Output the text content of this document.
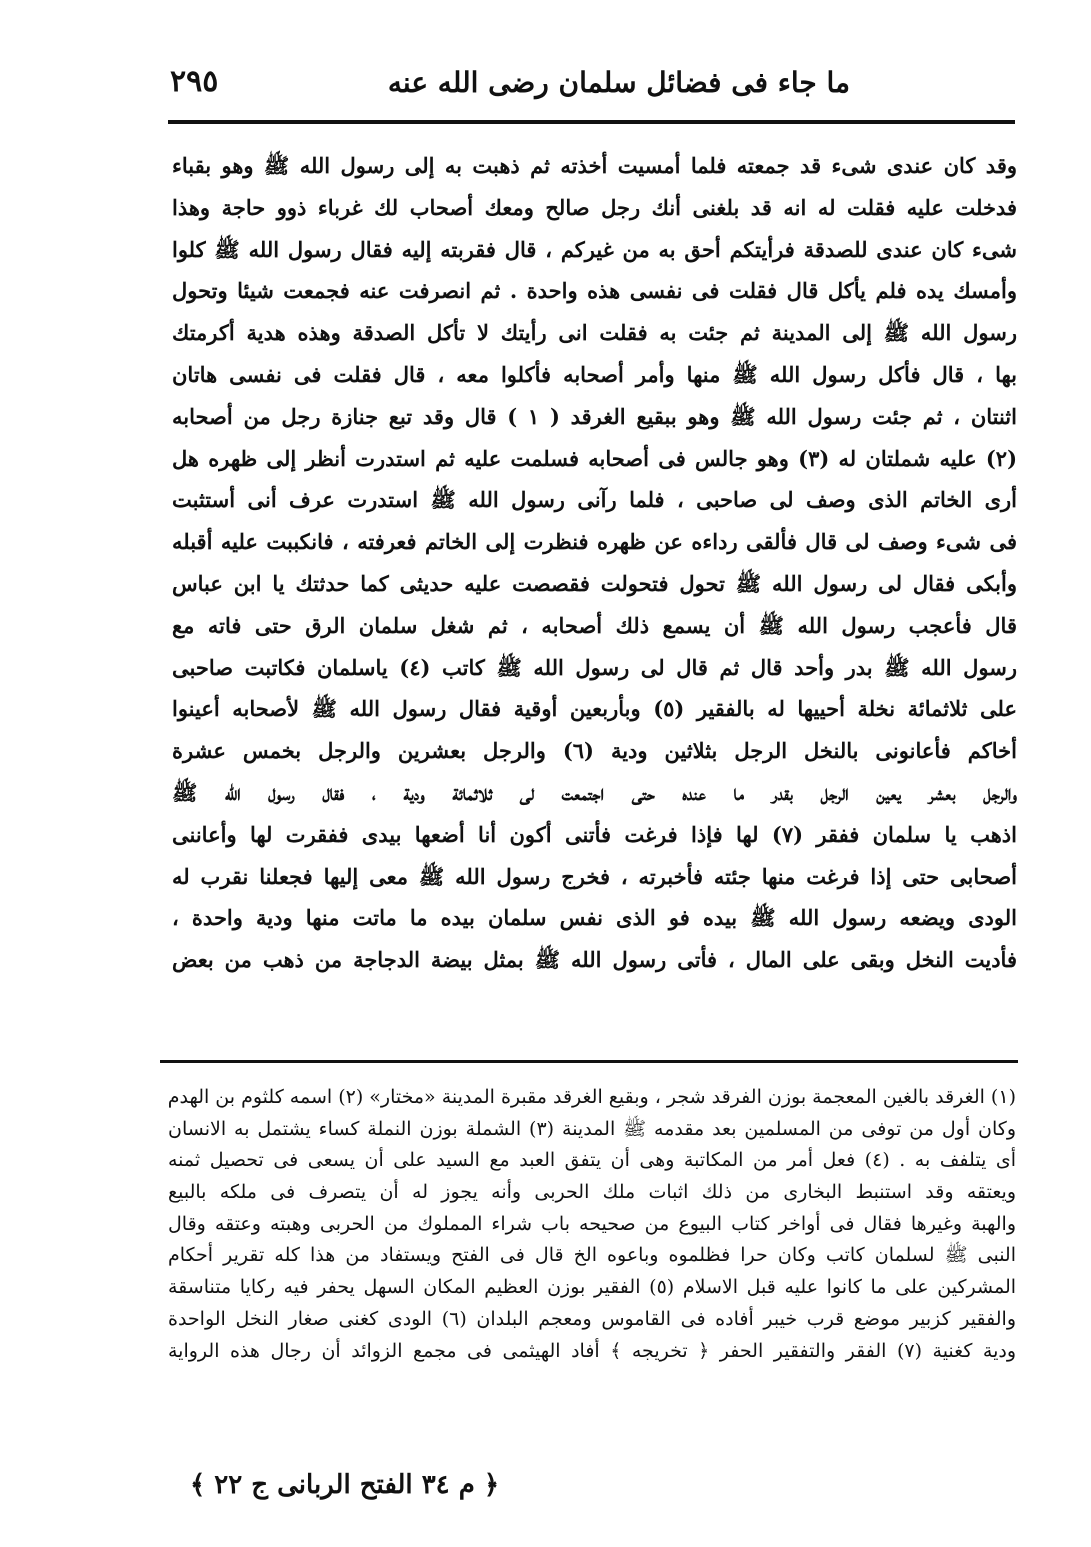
٢٩٥	ما جاء فى فضائل سلمان رضى الله عنه
وقد كان عندى شىء قد جمعته فلما أمسيت أخذته ثم ذهبت به إلى رسول الله ﷺ وهو بقباء
فدخلت عليه فقلت له انه قد بلغنى أنك رجل صالح ومعك أصحاب لك غرباء ذوو حاجة وهذا
شىء كان عندى للصدقة فرأيتكم أحق به من غيركم ، قال فقربته إليه فقال رسول الله ﷺ كلوا
وأمسك يده فلم يأكل قال فقلت فى نفسى هذه واحدة . ثم انصرفت عنه فجمعت شيئا وتحول
رسول الله ﷺ إلى المدينة ثم جئت به فقلت انى رأيتك لا تأكل الصدقة وهذه هدية أكرمتك
بها ، قال فأكل رسول الله ﷺ منها وأمر أصحابه فأكلوا معه ، قال فقلت فى نفسى هاتان
اثنتان ، ثم جئت رسول الله ﷺ وهو ببقيع الغرقد ( ١ ) قال وقد تبع جنازة رجل من أصحابه
(٢) عليه شملتان له (٣) وهو جالس فى أصحابه فسلمت عليه ثم استدرت أنظر إلى ظهره هل
أرى الخاتم الذى وصف لى صاحبى ، فلما رآنى رسول الله ﷺ استدرت عرف أنى أستثبت
فى شىء وصف لى قال فألقى رداءه عن ظهره فنظرت إلى الخاتم فعرفته ، فانكببت عليه أقبله
وأبكى فقال لى رسول الله ﷺ تحول فتحولت فقصصت عليه حديثى كما حدثتك يا ابن عباس
قال فأعجب رسول الله ﷺ أن يسمع ذلك أصحابه ، ثم شغل سلمان الرق حتى فاته مع
رسول الله ﷺ بدر وأحد قال ثم قال لى رسول الله ﷺ كاتب (٤) ياسلمان فكاتبت صاحبى
على ثلاثمائة نخلة أحييها له بالفقير (٥) وبأربعين أوقية فقال رسول الله ﷺ لأصحابه أعينوا
أخاكم فأعانونى بالنخل الرجل بثلاثين ودية (٦) والرجل بعشرين والرجل بخمس عشرة
والرجل بعشر يعين الرجل بقدر ما عنده حتى اجتمعت لى ثلاثمائة ودية ، فقال رسول الله ﷺ
اذهب يا سلمان ففقر (٧) لها فإذا فرغت فأتنى أكون أنا أضعها بيدى ففقرت لها وأعاننى
أصحابى حتى إذا فرغت منها جئته فأخبرته ، فخرج رسول الله ﷺ معى إليها فجعلنا نقرب له
الودى ويضعه رسول الله ﷺ بيده فو الذى نفس سلمان بيده ما ماتت منها ودية واحدة ،
فأديت النخل وبقى على المال ، فأتى رسول الله ﷺ بمثل بيضة الدجاجة من ذهب من بعض
(١) الغرقد بالغين المعجمة بوزن الفرقد شجر ، وبقيع الغرقد مقبرة المدينة «مختار» (٢) اسمه كلثوم بن الهدم
وكان أول من توفى من المسلمين بعد مقدمه ﷺ المدينة (٣) الشملة بوزن النملة كساء يشتمل به الانسان
أى يتلفف به . (٤) فعل أمر من المكاتبة وهى أن يتفق العبد مع السيد على أن يسعى فى تحصيل ثمنه
ويعتقه وقد استنبط البخارى من ذلك اثبات ملك الحربى وأنه يجوز له أن يتصرف فى ملكه بالبيع
والهبة وغيرها فقال فى أواخر كتاب البيوع من صحيحه باب شراء المملوك من الحربى وهبته وعتقه وقال
النبى ﷺ لسلمان كاتب وكان حرا فظلموه وباعوه الخ قال فى الفتح ويستفاد من هذا كله تقرير أحكام
المشركين على ما كانوا عليه قبل الاسلام (٥) الفقير بوزن العظيم المكان السهل يحفر فيه ركايا متناسقة
والفقير كزبير موضع قرب خيبر أفاده فى القاموس ومعجم البلدان (٦) الودى كغنى صغار النخل الواحدة
ودية كغنية (٧) الفقر والتفقير الحفر ﴿ تخريجه ﴾ أفاد الهيثمى فى مجمع الزوائد أن رجال هذه الرواية
﴿ م ٣٤ الفتح الربانى ج ٢٢ ﴾
